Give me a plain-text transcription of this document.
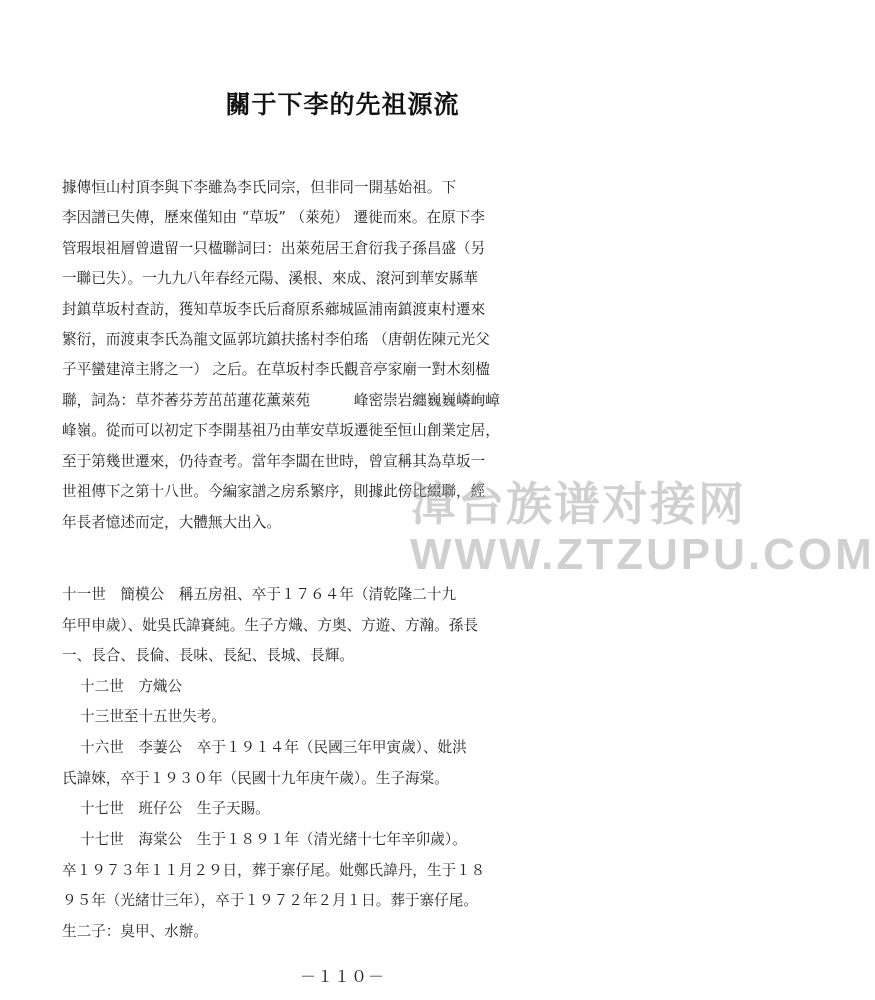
關于下李的先祖源流
據傳恒山村頂李與下李雖為李氏同宗，但非同一開基始祖。下
李因譜已失傳，歷來僅知由 “草坂” （萊苑） 遷徙而來。在原下李
管瑕垠祖層曾遺留一只楹聯詞曰：出萊苑居王倉衍我子孫昌盛（另
一聯已失）。一九九八年春经元陽、溪根、來成、滾河到華安縣華
封鎮草坂村查訪，獲知草坂李氏后裔原系薌城區浦南鎮渡東村遷來
繁衍，而渡東李氏為龍文區郭坑鎮扶搖村李伯瑤 （唐朝佐陳元光父
子平蠻建漳主將之一） 之后。在草坂村李氏觀音亭家廟一對木刻楹
聯，詞為：草芥萫芬芳茁茁蓮花薰萊苑　　　峰密崇岩纏巍巍嶙峋嶂
峰嶺。從而可以初定下李開基祖乃由華安草坂遷徙至恒山創業定居，
至于第幾世遷來，仍待查考。當年李闆在世時，曾宣稱其為草坂一
世祖傳下之第十八世。今編家譜之房系繁序，則據此傍比綴聯，經
年長者憶述而定，大體無大出入。
十一世　簡模公　稱五房祖、卒于１７６４年（清乾隆二十九
年甲申歲）、妣吳氏諱賽純。生子方熾、方奥、方遊、方瀚。孫長
一、長合、長倫、長味、長紀、長城、長輝。
十二世　方熾公
十三世至十五世失考。
十六世　李萋公　卒于１９１４年（民國三年甲寅歲）、妣洪
氏諱婡，卒于１９３０年（民國十九年庚午歲）。生子海棠。
十七世　班仔公　生子天賜。
十七世　海棠公　生于１８９１年（清光緒十七年辛卯歲）。
卒１９７３年１１月２９日，葬于寨仔尾。妣鄭氏諱丹，生于１８
９５年（光緒廿三年），卒于１９７２年２月１日。葬于寨仔尾。
生二子：臭甲、水辦。
漳台族谱对接网
WWW.ZTZUPU.COM
－１１０－
